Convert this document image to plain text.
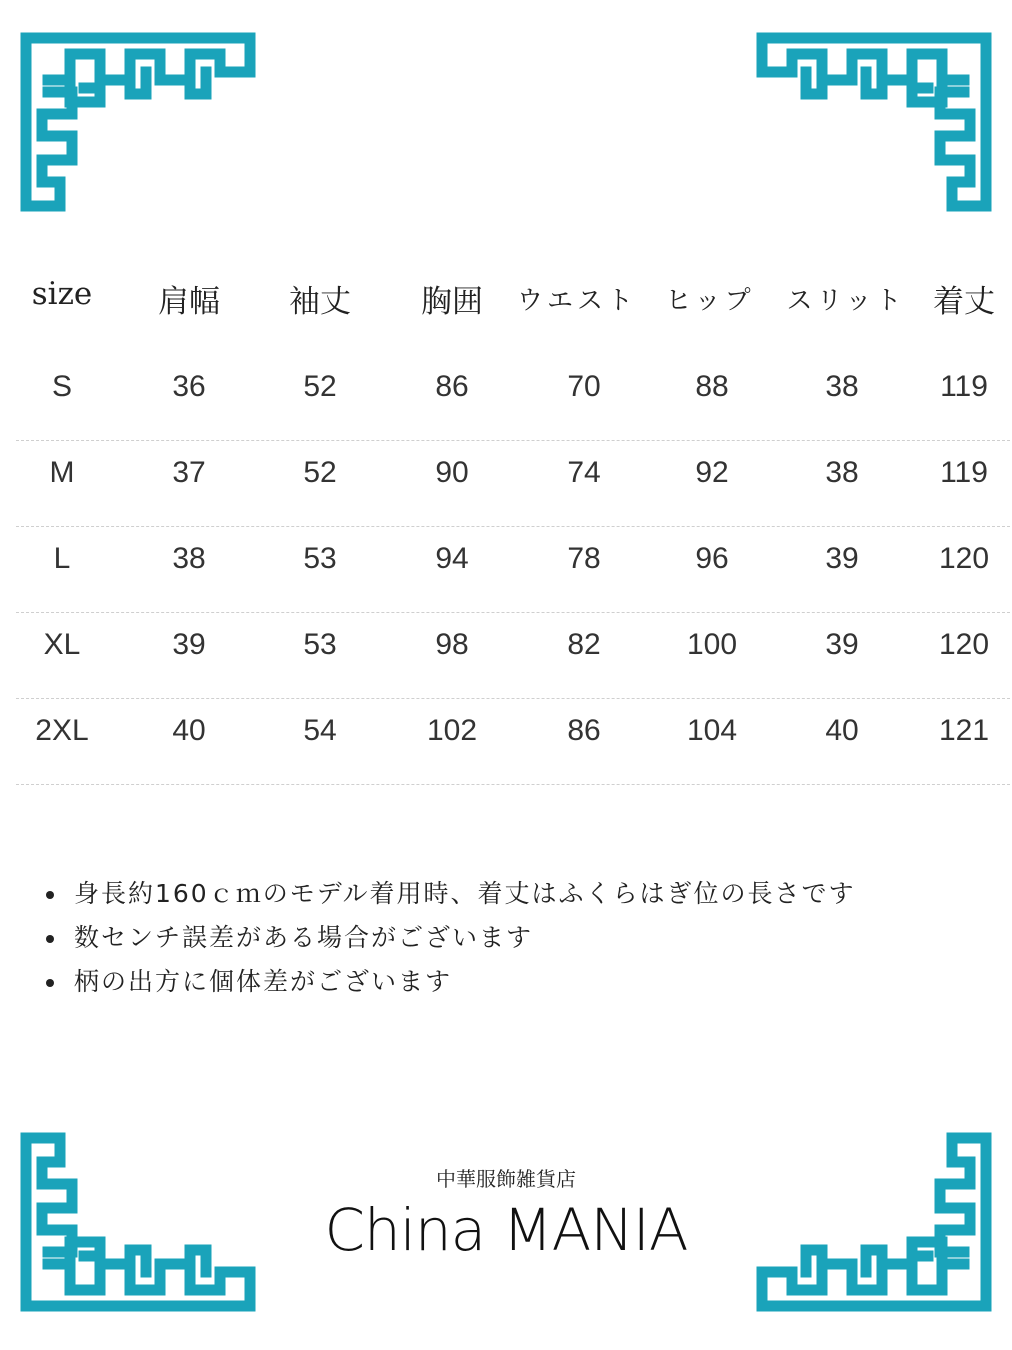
size 肩幅 袖丈 胸囲 ウエスト ヒップ スリット 着丈
S	36	52	86	70	88	38	119
M	37	52	90	74	92	38	119
L	38	53	94	78	96	39	120
XL	39	53	98	82	100	39	120
2XL	40	54	102	86	104	40	121
身長約160ｃｍのモデル着用時、着丈はふくらはぎ位の長さです
数センチ誤差がある場合がございます
柄の出方に個体差がございます
中華服飾雑貨店
China MANIA
